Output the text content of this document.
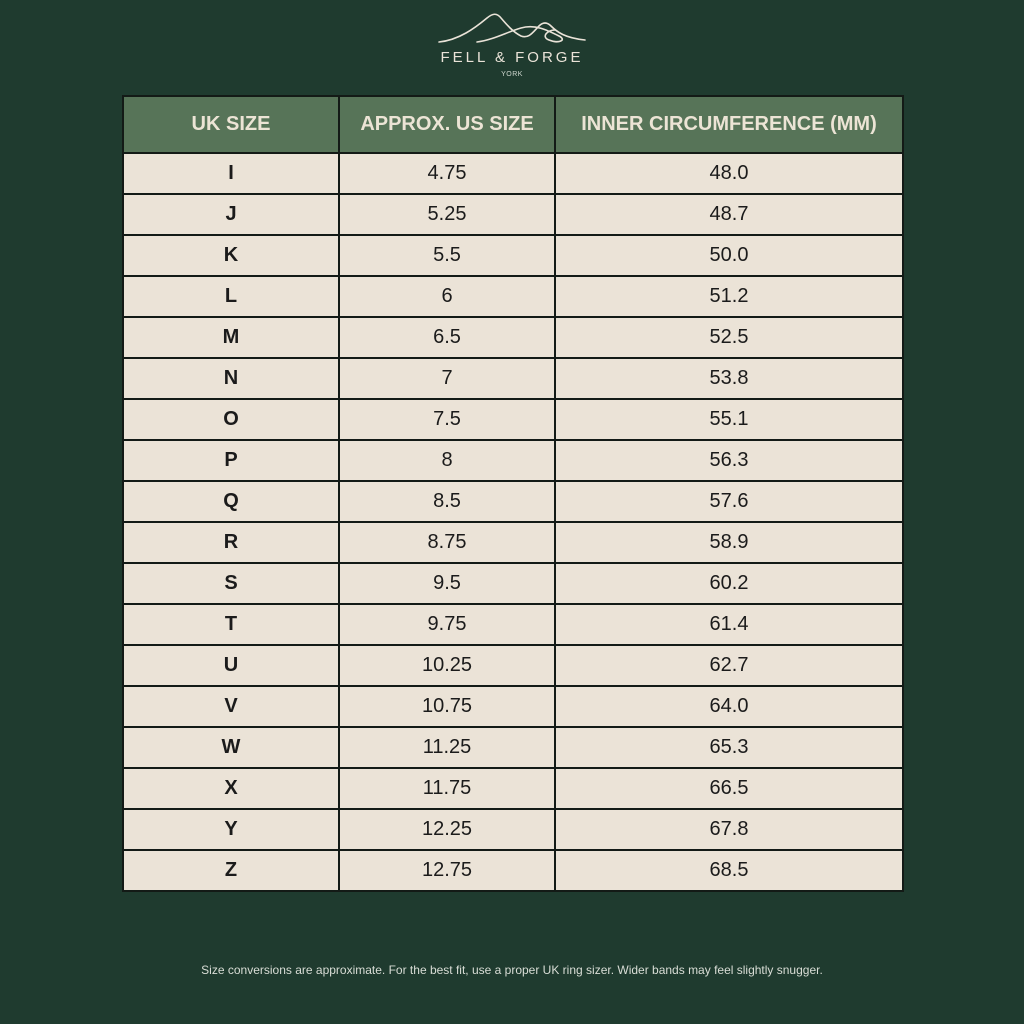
FELL & FORGE
YORK
UK SIZE	APPROX. US SIZE	INNER CIRCUMFERENCE (MM)
I	4.75	48.0
J	5.25	48.7
K	5.5	50.0
L	6	51.2
M	6.5	52.5
N	7	53.8
O	7.5	55.1
P	8	56.3
Q	8.5	57.6
R	8.75	58.9
S	9.5	60.2
T	9.75	61.4
U	10.25	62.7
V	10.75	64.0
W	11.25	65.3
X	11.75	66.5
Y	12.25	67.8
Z	12.75	68.5
Size conversions are approximate. For the best fit, use a proper UK ring sizer. Wider bands may feel slightly snugger.
